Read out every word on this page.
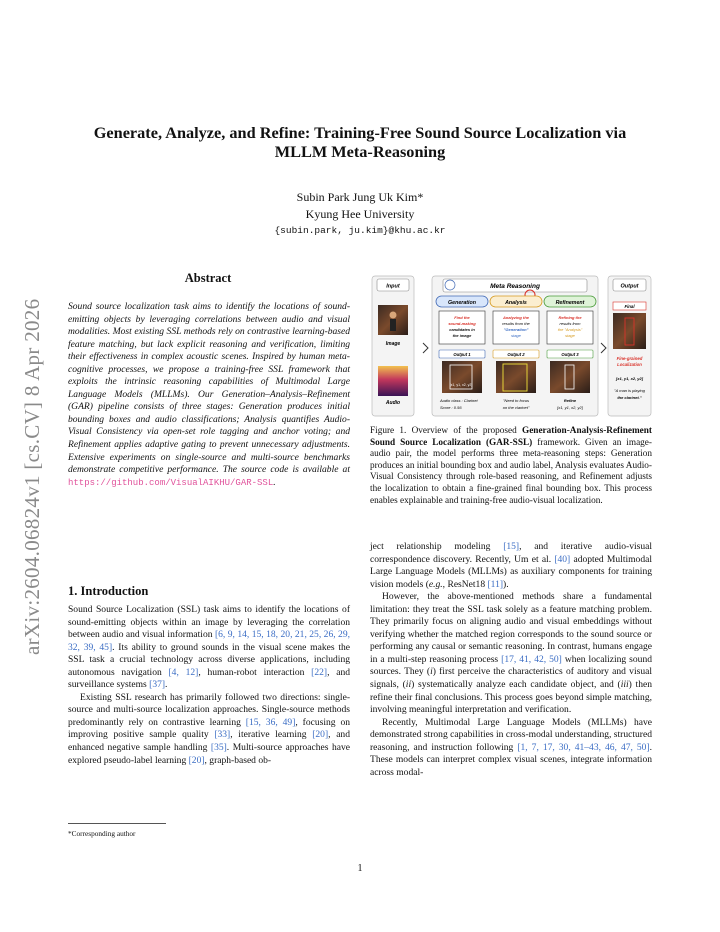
arXiv:2604.06824v1 [cs.CV] 8 Apr 2026
Generate, Analyze, and Refine: Training-Free Sound Source Localization via MLLM Meta-Reasoning
Subin Park Jung Uk Kim*
Kyung Hee University
{subin.park, ju.kim}@khu.ac.kr
Abstract
Sound source localization task aims to identify the locations of sound-emitting objects by leveraging correlations between audio and visual modalities. Most existing SSL methods rely on contrastive learning-based feature matching, but lack explicit reasoning and verification, limiting their effectiveness in complex acoustic scenes. Inspired by human meta-cognitive processes, we propose a training-free SSL framework that exploits the intrinsic reasoning capabilities of Multimodal Large Language Models (MLLMs). Our Generation–Analysis–Refinement (GAR) pipeline consists of three stages: Generation produces initial bounding boxes and audio classifications; Analysis quantifies Audio-Visual Consistency via open-set role tagging and anchor voting; and Refinement applies adaptive gating to prevent unnecessary adjustments. Extensive experiments on single-source and multi-source benchmarks demonstrate competitive performance. The source code is available at https://github.com/VisualAIKHU/GAR-SSL.
1. Introduction

Sound Source Localization (SSL) task aims to identify the locations of sound-emitting objects within an image by leveraging the correlation between audio and visual information [6, 9, 14, 15, 18, 20, 21, 25, 26, 29, 32, 39, 45]. Its ability to ground sounds in the visual scene makes the SSL task a crucial technology across diverse applications, including autonomous navigation [4, 12], human-robot interaction [22], and surveillance systems [37].

Existing SSL research has primarily followed two directions: single-source and multi-source localization approaches. Single-source methods predominantly rely on contrastive learning [15, 36, 49], focusing on improving positive sample quality [33], iterative learning [20], and enhanced negative sample handling [35]. Multi-source approaches have explored pseudo-label learning [20], graph-based ob-

*Corresponding author
Input
Image
Audio
Meta Reasoning
Generation	Analysis	Refinement
Find the sound-making candidates in the image
Analyzing the results from the "Generation" stage
Refining the results from the "Analysis" stage
Output 1	Output 2	Output 3
[x1, y1, x2, y2]
Audio class : Clarinet Score : 0.56
"Need to focus on the clarinet"
Refine [x1, y1, x2, y2]
Output
Final
Fine-grained Localization
[x1, y1, x2, y2]
"A man is playing the clarinet."
Figure 1. Overview of the proposed Generation-Analysis-Refinement Sound Source Localization (GAR-SSL) framework. Given an image-audio pair, the model performs three meta-reasoning steps: Generation produces an initial bounding box and audio label, Analysis evaluates Audio-Visual Consistency through role-based reasoning, and Refinement adjusts the localization to obtain a fine-grained final bounding box. This process enables explainable and training-free audio-visual localization.

ject relationship modeling [15], and iterative audio-visual correspondence discovery. Recently, Um et al. [40] adopted Multimodal Large Language Models (MLLMs) as auxiliary components for training vision models (e.g., ResNet18 [11]).

However, the above-mentioned methods share a fundamental limitation: they treat the SSL task solely as a feature matching problem. They primarily focus on aligning audio and visual embeddings without verifying whether the matched region corresponds to the sound source or performing any causal or semantic reasoning. In contrast, humans engage in a multi-step reasoning process [17, 41, 42, 50] when localizing sound sources. They (i) first perceive the characteristics of auditory and visual signals, (ii) systematically analyze each candidate object, and (iii) then refine their final conclusions. This process goes beyond simple matching, involving meaningful interpretation and verification.

Recently, Multimodal Large Language Models (MLLMs) have demonstrated strong capabilities in cross-modal understanding, structured reasoning, and instruction following [1, 7, 17, 30, 41–43, 46, 47, 50]. These models can interpret complex visual scenes, integrate information across modal-

1
